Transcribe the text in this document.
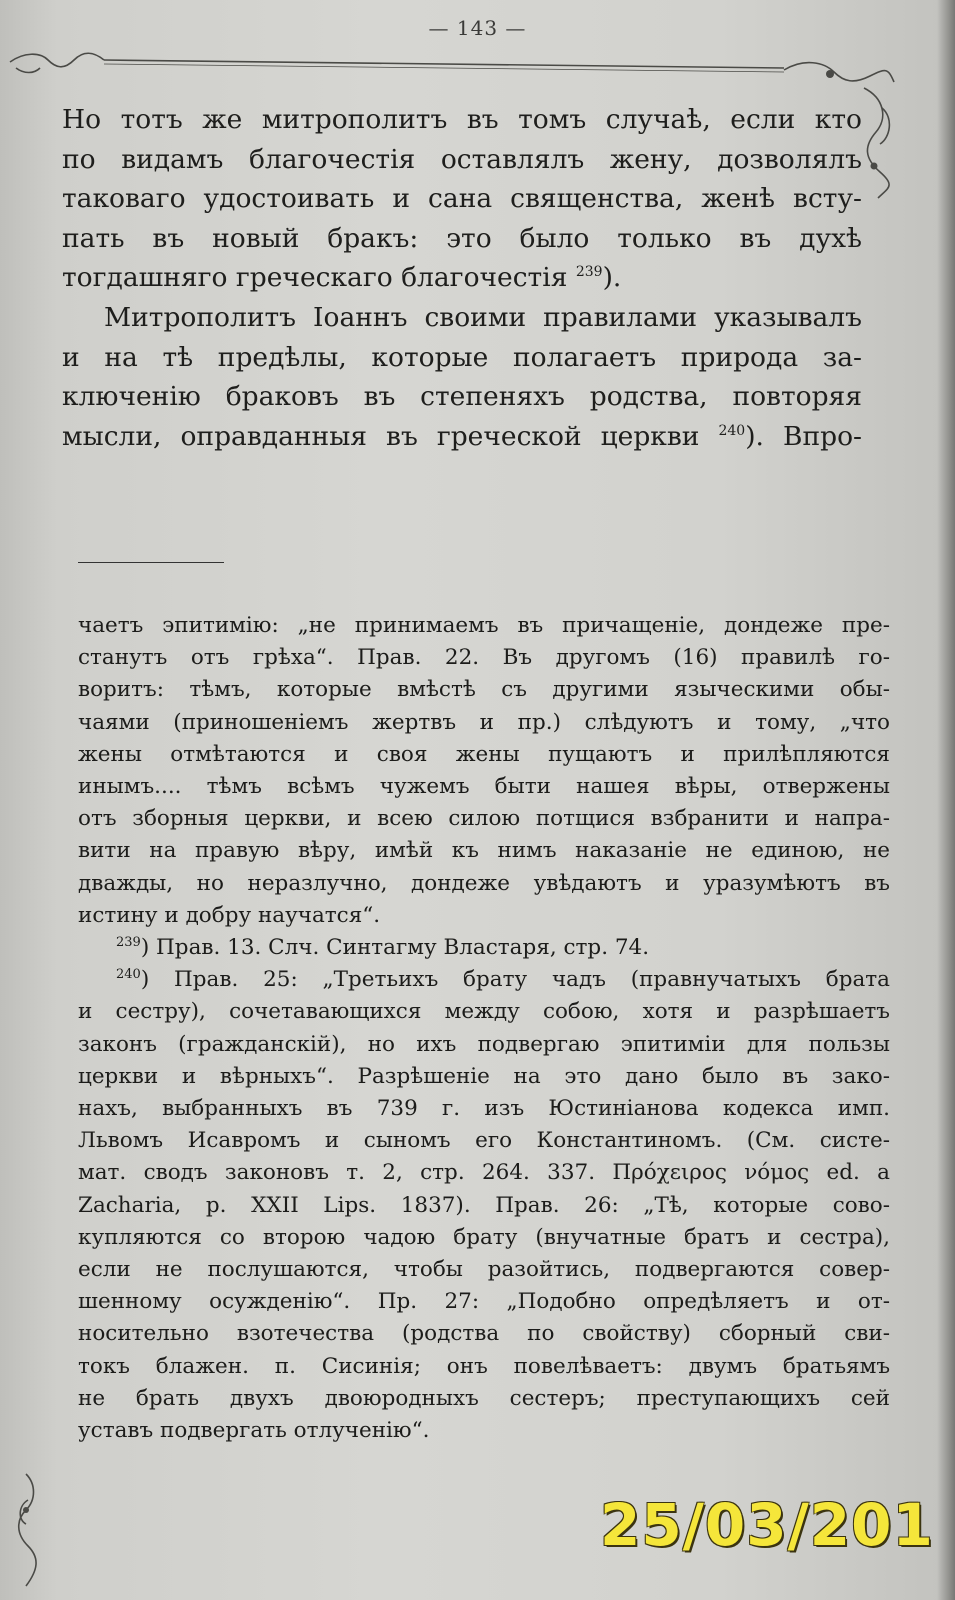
— 143 —
Но тотъ же митрополитъ въ томъ случаѣ, если кто
по видамъ благочестія оставлялъ жену, дозволялъ
таковаго удостоивать и сана священства, женѣ всту-
пать въ новый бракъ: это было только въ духѣ
тогдашняго греческаго благочестія $^{239}$).
Митрополитъ Іоаннъ своими правилами указывалъ
и на тѣ предѣлы, которые полагаетъ природа за-
ключенію браковъ въ степеняхъ родства, повторяя
мысли, оправданныя въ греческой церкви $^{240}$). Впро-
чаетъ эпитимію: „не принимаемъ въ причащеніе, дондеже пре-
станутъ отъ грѣха“. Прав. 22. Въ другомъ (16) правилѣ го-
воритъ: тѣмъ, которые вмѣстѣ съ другими языческими обы-
чаями (приношеніемъ жертвъ и пр.) слѣдуютъ и тому, „что
жены отмѣтаются и своя жены пущаютъ и прилѣпляются
инымъ.... тѣмъ всѣмъ чужемъ быти нашея вѣры, отвержены
отъ зборныя церкви, и всею силою потщися взбранити и напра-
вити на правую вѣру, имѣй къ нимъ наказаніе не единою, не
дважды, но неразлучно, дондеже увѣдаютъ и уразумѣютъ въ
истину и добру научатся“.
$^{239}$) Прав. 13. Слч. Синтагму Властаря, стр. 74.
$^{240}$) Прав. 25: „Третьихъ брату чадъ (правнучатыхъ брата
и сестру), сочетавающихся между собою, хотя и разрѣшаетъ
законъ (гражданскій), но ихъ подвергаю эпитиміи для пользы
церкви и вѣрныхъ“. Разрѣшеніе на это дано было въ зако-
нахъ, выбранныхъ въ 739 г. изъ Юстиніанова кодекса имп.
Львомъ Исавромъ и сыномъ его Константиномъ. (См. систе-
мат. сводъ законовъ т. 2, стр. 264. 337. Πρόχειρος νόμος ed. a
Zacharia, p. XXII Lips. 1837). Прав. 26: „Тѣ, которые сово-
купляются со второю чадою брату (внучатные братъ и сестра),
если не послушаются, чтобы разойтись, подвергаются совер-
шенному осужденію“. Пр. 27: „Подобно опредѣляетъ и от-
носительно взотечества (родства по свойству) сборный сви-
токъ блажен. п. Сисинія; онъ повелѣваетъ: двумъ братьямъ
не брать двухъ двоюродныхъ сестеръ; преступающихъ сей
уставъ подвергать отлученію“.
25/03/201
